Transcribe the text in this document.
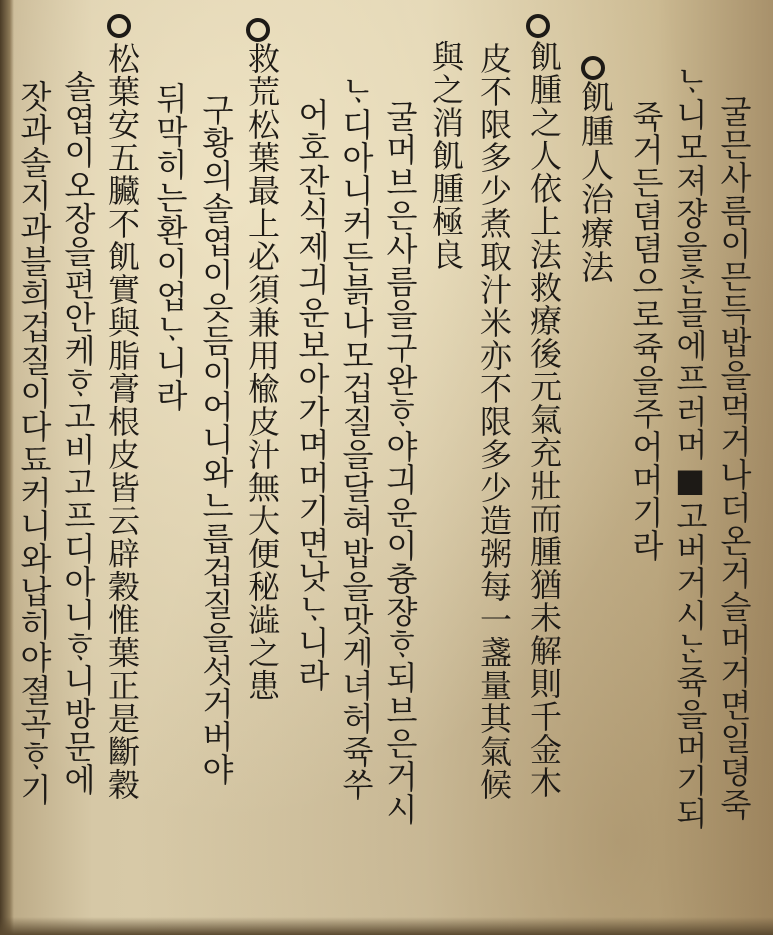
굴믄사름이믄득밥을먹거나더온거슬머거면일뎡죽
ᄂᆞ니모져쟝을ᄎᆞᆫ믈에프러머■고버거시ᄂᆞᆫ쥭을머기되
쥭거든뎜뎜으로쥭을주어머기라
飢腫人治療法
飢腫之人依上法救療後元氣充壯而腫猶未解則千金木
皮不限多少煮取汁米亦不限多少造粥每一盞量其氣候
與之消飢腫極良
굴머브은사름을구완ᄒᆞ야긔운이츙쟝ᄒᆞ되브은거시
ᄂᆞ디아니커든븕나모겁질을달혀밥을맛게녀허쥭쑤
어호잔식제긔운보아가며머기면낫ᄂᆞ니라
救荒松葉最上必須兼用楡皮汁無大便秘澁之患
구황의솔엽이읏듬이어니와느릅겁질을섯거버야
뒤막히는환이업ᄂᆞ니라
松葉安五臟不飢實與脂膏根皮皆云辟穀惟葉正是斷穀
솔엽이오장을편안케ᄒᆞ고비고프디아니ᄒᆞ니방문에
잣과솔지과블희겁질이다됴커니와납히야졀곡ᄒᆞ기
